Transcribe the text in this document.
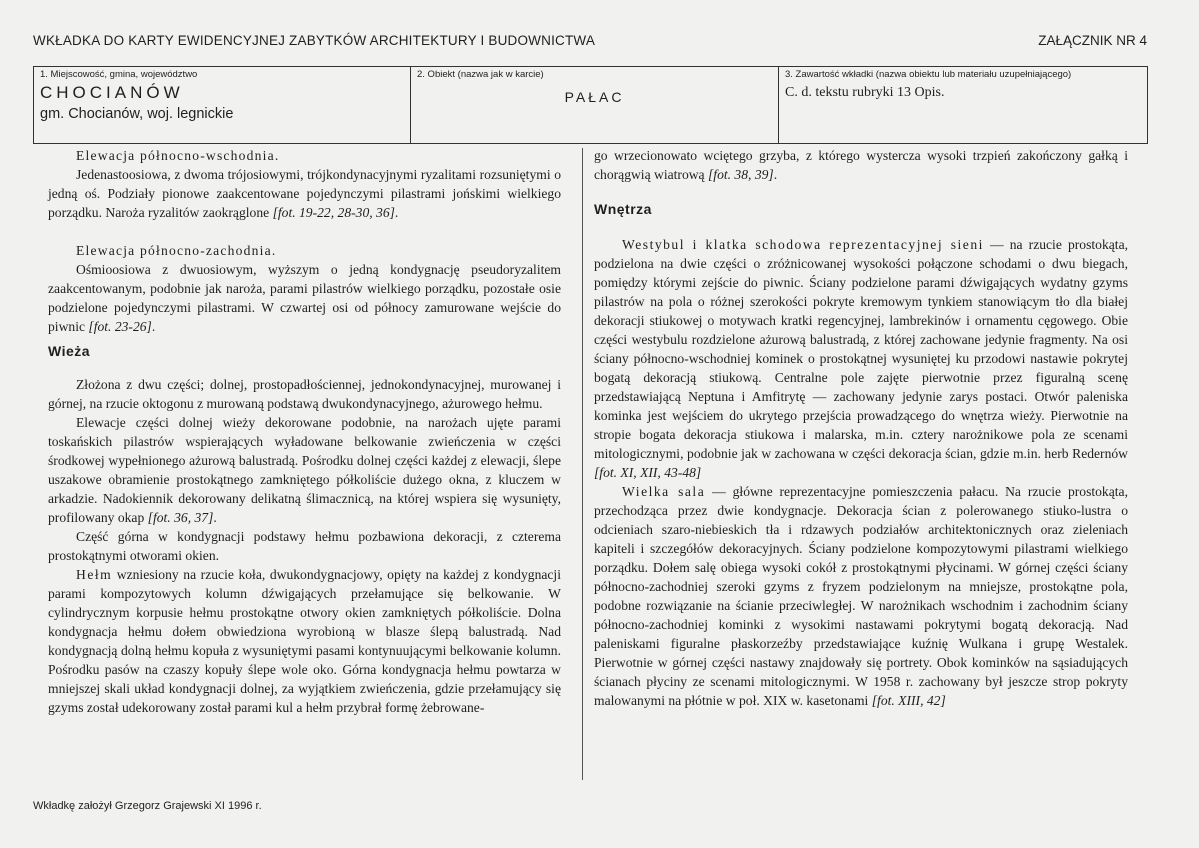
WKŁADKA DO KARTY EWIDENCYJNEJ ZABYTKÓW ARCHITEKTURY I BUDOWNICTWA	ZAŁĄCZNIK NR 4
1. Miejscowość, gmina, województwo
CHOCIANÓW
gm. Chocianów, woj. legnickie
2. Obiekt (nazwa jak w karcie)
PAŁAC
3. Zawartość wkładki (nazwa obiektu lub materiału uzupełniającego)
C. d. tekstu rubryki 13 Opis.

Elewacja północno-wschodnia.

Jedenastoosiowa, z dwoma trójosiowymi, trójkondynacyjnymi ryzalitami rozsuniętymi o jedną oś. Podziały pionowe zaakcentowane pojedynczymi pilastrami jońskimi wielkiego porządku. Naroża ryzalitów zaokrąglone [fot. 19-22, 28-30, 36].

Elewacja północno-zachodnia.

Ośmioosiowa z dwuosiowym, wyższym o jedną kondygnację pseudoryzalitem zaakcentowanym, podobnie jak naroża, parami pilastrów wielkiego porządku, pozostałe osie podzielone pojedynczymi pilastrami. W czwartej osi od północy zamurowane wejście do piwnic [fot. 23-26].

Wieża

Złożona z dwu części; dolnej, prostopadłościennej, jednokondynacyjnej, murowanej i górnej, na rzucie oktogonu z murowaną podstawą dwukondynacyjnego, ażurowego hełmu.

Elewacje części dolnej wieży dekorowane podobnie, na narożach ujęte parami toskańskich pilastrów wspierających wyładowane belkowanie zwieńczenia w części środkowej wypełnionego ażurową balustradą. Pośrodku dolnej części każdej z elewacji, ślepe uszakowe obramienie prostokątnego zamkniętego półkoliście dużego okna, z kluczem w arkadzie. Nadokiennik dekorowany delikatną ślimacznicą, na której wspiera się wysunięty, profilowany okap [fot. 36, 37].

Część górna w kondygnacji podstawy hełmu pozbawiona dekoracji, z czterema prostokątnymi otworami okien.

Hełm wzniesiony na rzucie koła, dwukondygnacjowy, opięty na każdej z kondygnacji parami kompozytowych kolumn dźwigających przełamujące się belkowanie. W cylindrycznym korpusie hełmu prostokątne otwory okien zamkniętych półkoliście. Dolna kondygnacja hełmu dołem obwiedziona wyrobioną w blasze ślepą balustradą. Nad kondygnacją dolną hełmu kopuła z wysuniętymi pasami kontynuującymi belkowanie kolumn. Pośrodku pasów na czaszy kopuły ślepe wole oko. Górna kondygnacja hełmu powtarza w mniejszej skali układ kondygnacji dolnej, za wyjątkiem zwieńczenia, gdzie przełamujący się gzyms został udekorowany został parami kul a hełm przybrał formę żebrowane-

go wrzecionowato wciętego grzyba, z którego wystercza wysoki trzpień zakończony gałką i chorągwią wiatrową [fot. 38, 39].

Wnętrza

Westybul i klatka schodowa reprezentacyjnej sieni — na rzucie prostokąta, podzielona na dwie części o zróżnicowanej wysokości połączone schodami o dwu biegach, pomiędzy którymi zejście do piwnic. Ściany podzielone parami dźwigających wydatny gzyms pilastrów na pola o różnej szerokości pokryte kremowym tynkiem stanowiącym tło dla białej dekoracji stiukowej o motywach kratki regencyjnej, lambrekinów i ornamentu cęgowego. Obie części westybulu rozdzielone ażurową balustradą, z której zachowane jedynie fragmenty. Na osi ściany północno-wschodniej kominek o prostokątnej wysuniętej ku przodowi nastawie pokrytej bogatą dekoracją stiukową. Centralne pole zajęte pierwotnie przez figuralną scenę przedstawiającą Neptuna i Amfitrytę — zachowany jedynie zarys postaci. Otwór paleniska kominka jest wejściem do ukrytego przejścia prowadzącego do wnętrza wieży. Pierwotnie na stropie bogata dekoracja stiukowa i malarska, m.in. cztery narożnikowe pola ze scenami mitologicznymi, podobnie jak w zachowana w części dekoracja ścian, gdzie m.in. herb Redernów [fot. XI, XII, 43-48]

Wielka sala — główne reprezentacyjne pomieszczenia pałacu. Na rzucie prostokąta, przechodząca przez dwie kondygnacje. Dekoracja ścian z polerowanego stiuko-lustra o odcieniach szaro-niebieskich tła i rdzawych podziałów architektonicznych oraz zieleniach kapiteli i szczegółów dekoracyjnych. Ściany podzielone kompozytowymi pilastrami wielkiego porządku. Dołem salę obiega wysoki cokół z prostokątnymi płycinami. W górnej części ściany północno-zachodniej szeroki gzyms z fryzem podzielonym na mniejsze, prostokątne pola, podobne rozwiązanie na ścianie przeciwległej. W narożnikach wschodnim i zachodnim ściany północno-zachodniej kominki z wysokimi nastawami pokrytymi bogatą dekoracją. Nad paleniskami figuralne płaskorzeźby przedstawiające kuźnię Wulkana i grupę Westalek. Pierwotnie w górnej części nastawy znajdowały się portrety. Obok kominków na sąsiadujących ścianach płyciny ze scenami mitologicznymi. W 1958 r. zachowany był jeszcze strop pokryty malowanymi na płótnie w poł. XIX w. kasetonami [fot. XIII, 42]

Wkładkę założył Grzegorz Grajewski XI 1996 r.
